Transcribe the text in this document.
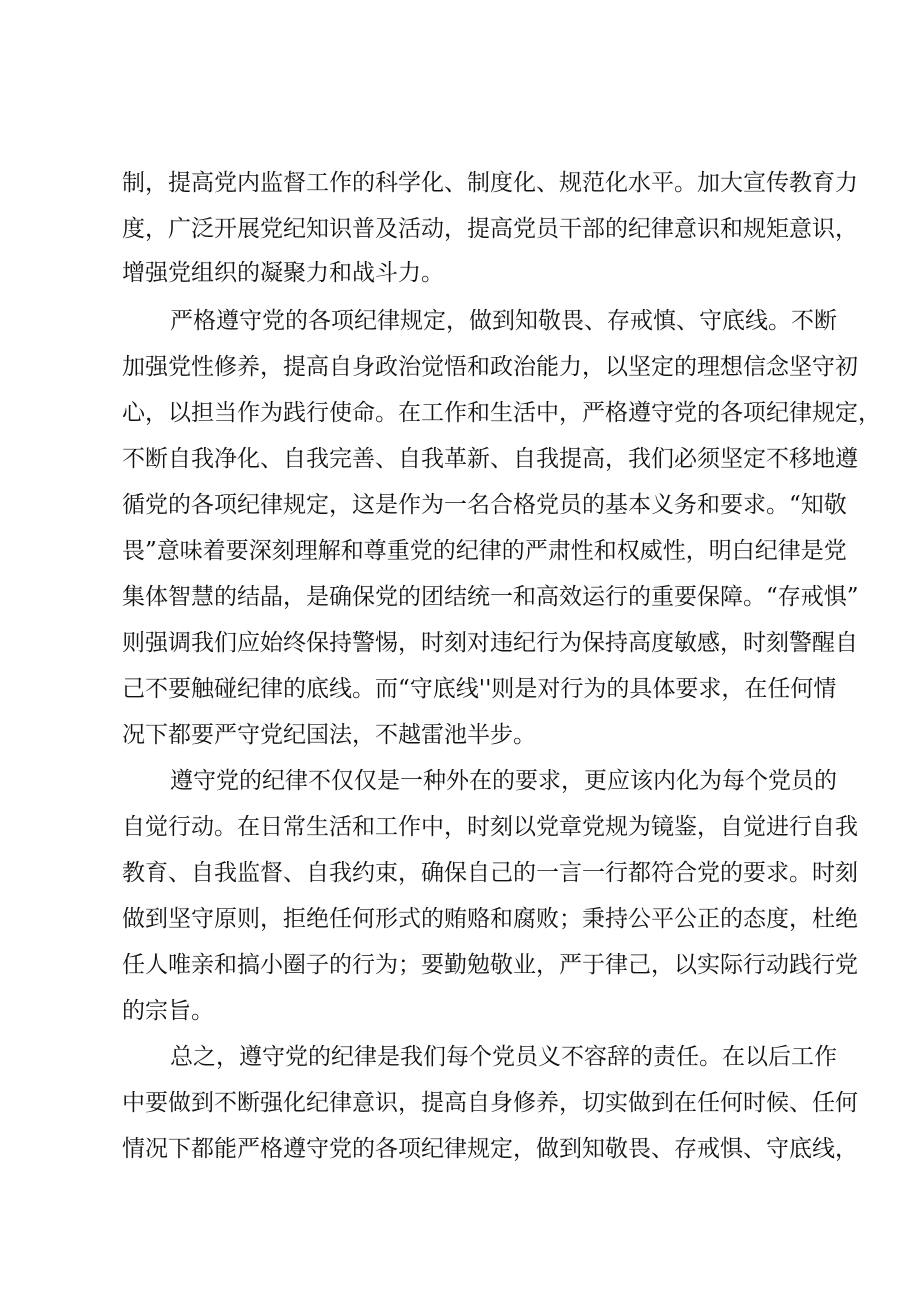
制，提高党内监督工作的科学化、制度化、规范化水平。加大宣传教育力
度，广泛开展党纪知识普及活动，提高党员干部的纪律意识和规矩意识，
增强党组织的凝聚力和战斗力。
严格遵守党的各项纪律规定，做到知敬畏、存戒慎、守底线。不断
加强党性修养，提高自身政治觉悟和政治能力，以坚定的理想信念坚守初
心，以担当作为践行使命。在工作和生活中，严格遵守党的各项纪律规定，
不断自我净化、自我完善、自我革新、自我提高，我们必须坚定不移地遵
循党的各项纪律规定，这是作为一名合格党员的基本义务和要求。“知敬
畏”意味着要深刻理解和尊重党的纪律的严肃性和权威性，明白纪律是党
集体智慧的结晶，是确保党的团结统一和高效运行的重要保障。“存戒惧”
则强调我们应始终保持警惕，时刻对违纪行为保持高度敏感，时刻警醒自
己不要触碰纪律的底线。而“守底线''则是对行为的具体要求，在任何情
况下都要严守党纪国法，不越雷池半步。
遵守党的纪律不仅仅是一种外在的要求，更应该内化为每个党员的
自觉行动。在日常生活和工作中，时刻以党章党规为镜鉴，自觉进行自我
教育、自我监督、自我约束，确保自己的一言一行都符合党的要求。时刻
做到坚守原则，拒绝任何形式的贿赂和腐败；秉持公平公正的态度，杜绝
任人唯亲和搞小圈子的行为；要勤勉敬业，严于律己，以实际行动践行党
的宗旨。
总之，遵守党的纪律是我们每个党员义不容辞的责任。在以后工作
中要做到不断强化纪律意识，提高自身修养，切实做到在任何时候、任何
情况下都能严格遵守党的各项纪律规定，做到知敬畏、存戒惧、守底线，
